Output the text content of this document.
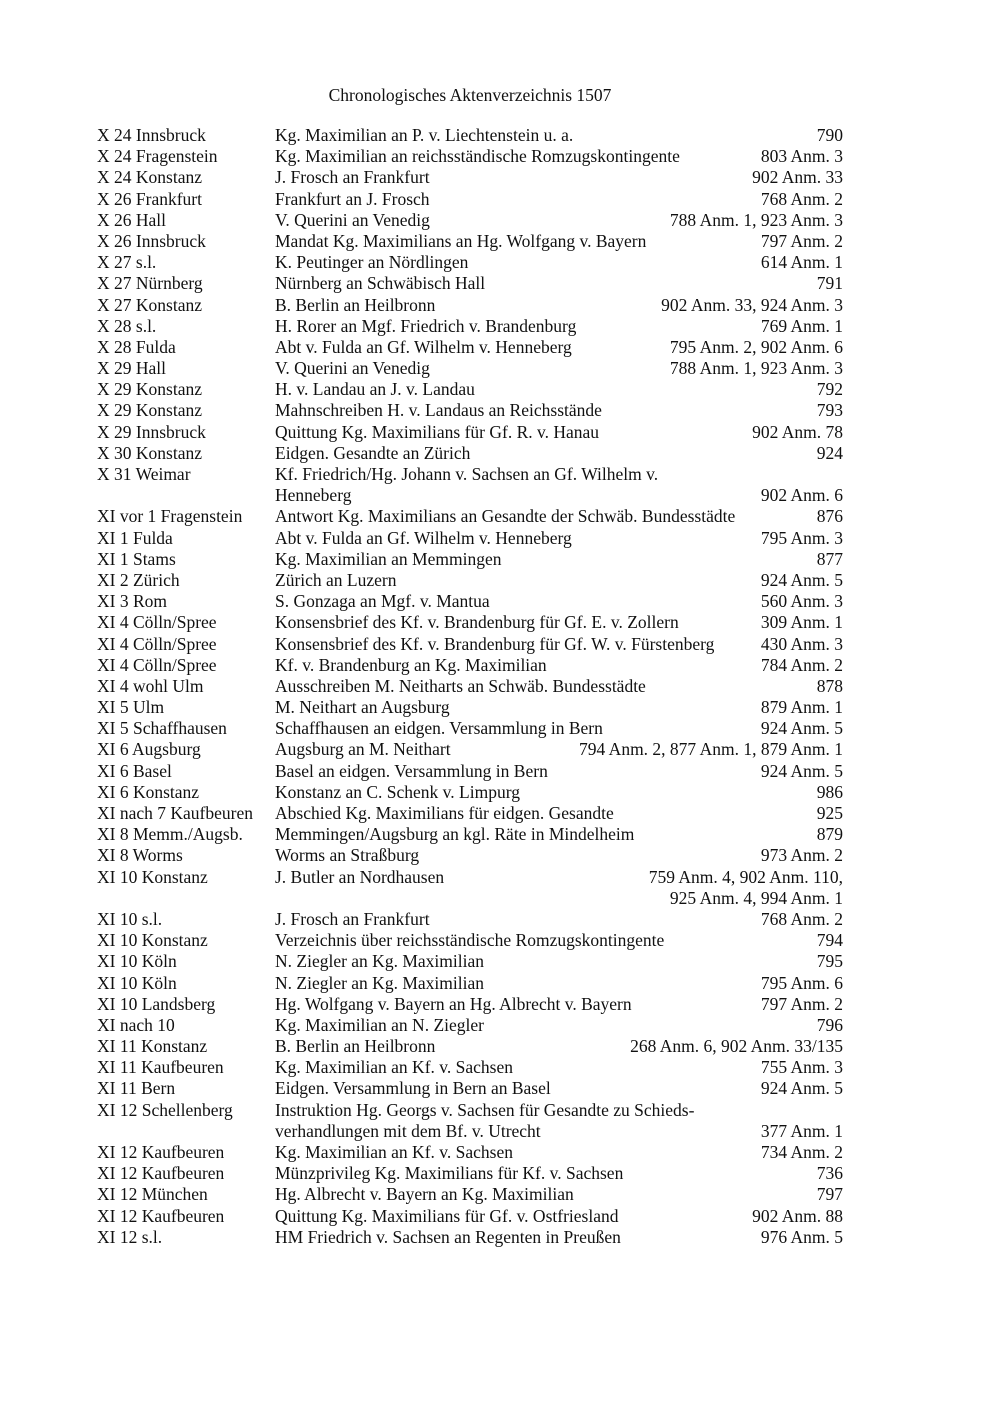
Chronologisches Aktenverzeichnis 1507
X 24 Innsbruck	Kg. Maximilian an P. v. Liechtenstein u. a.	790
X 24 Fragenstein	Kg. Maximilian an reichsständische Romzugskontingente	803 Anm. 3
X 24 Konstanz	J. Frosch an Frankfurt	902 Anm. 33
X 26 Frankfurt	Frankfurt an J. Frosch	768 Anm. 2
X 26 Hall	V. Querini an Venedig	788 Anm. 1, 923 Anm. 3
X 26 Innsbruck	Mandat Kg. Maximilians an Hg. Wolfgang v. Bayern	797 Anm. 2
X 27 s.l.	K. Peutinger an Nördlingen	614 Anm. 1
X 27 Nürnberg	Nürnberg an Schwäbisch Hall	791
X 27 Konstanz	B. Berlin an Heilbronn	902 Anm. 33, 924 Anm. 3
X 28 s.l.	H. Rorer an Mgf. Friedrich v. Brandenburg	769 Anm. 1
X 28 Fulda	Abt v. Fulda an Gf. Wilhelm v. Henneberg	795 Anm. 2, 902 Anm. 6
X 29 Hall	V. Querini an Venedig	788 Anm. 1, 923 Anm. 3
X 29 Konstanz	H. v. Landau an J. v. Landau	792
X 29 Konstanz	Mahnschreiben H. v. Landaus an Reichsstände	793
X 29 Innsbruck	Quittung Kg. Maximilians für Gf. R. v. Hanau	902 Anm. 78
X 30 Konstanz	Eidgen. Gesandte an Zürich	924
X 31 Weimar	Kf. Friedrich/Hg. Johann v. Sachsen an Gf. Wilhelm v.
Henneberg	902 Anm. 6
XI vor 1 Fragenstein	Antwort Kg. Maximilians an Gesandte der Schwäb. Bundesstädte	876
XI 1 Fulda	Abt v. Fulda an Gf. Wilhelm v. Henneberg	795 Anm. 3
XI 1 Stams	Kg. Maximilian an Memmingen	877
XI 2 Zürich	Zürich an Luzern	924 Anm. 5
XI 3 Rom	S. Gonzaga an Mgf. v. Mantua	560 Anm. 3
XI 4 Cölln/Spree	Konsensbrief des Kf. v. Brandenburg für Gf. E. v. Zollern	309 Anm. 1
XI 4 Cölln/Spree	Konsensbrief des Kf. v. Brandenburg für Gf. W. v. Fürstenberg	430 Anm. 3
XI 4 Cölln/Spree	Kf. v. Brandenburg an Kg. Maximilian	784 Anm. 2
XI 4 wohl Ulm	Ausschreiben M. Neitharts an Schwäb. Bundesstädte	878
XI 5 Ulm	M. Neithart an Augsburg	879 Anm. 1
XI 5 Schaffhausen	Schaffhausen an eidgen. Versammlung in Bern	924 Anm. 5
XI 6 Augsburg	Augsburg an M. Neithart	794 Anm. 2, 877 Anm. 1, 879 Anm. 1
XI 6 Basel	Basel an eidgen. Versammlung in Bern	924 Anm. 5
XI 6 Konstanz	Konstanz an C. Schenk v. Limpurg	986
XI nach 7 Kaufbeuren	Abschied Kg. Maximilians für eidgen. Gesandte	925
XI 8 Memm./Augsb.	Memmingen/Augsburg an kgl. Räte in Mindelheim	879
XI 8 Worms	Worms an Straßburg	973 Anm. 2
XI 10 Konstanz	J. Butler an Nordhausen	759 Anm. 4, 902 Anm. 110,
925 Anm. 4, 994 Anm. 1
XI 10 s.l.	J. Frosch an Frankfurt	768 Anm. 2
XI 10 Konstanz	Verzeichnis über reichsständische Romzugskontingente	794
XI 10 Köln	N. Ziegler an Kg. Maximilian	795
XI 10 Köln	N. Ziegler an Kg. Maximilian	795 Anm. 6
XI 10 Landsberg	Hg. Wolfgang v. Bayern an Hg. Albrecht v. Bayern	797 Anm. 2
XI nach 10	Kg. Maximilian an N. Ziegler	796
XI 11 Konstanz	B. Berlin an Heilbronn	268 Anm. 6, 902 Anm. 33/135
XI 11 Kaufbeuren	Kg. Maximilian an Kf. v. Sachsen	755 Anm. 3
XI 11 Bern	Eidgen. Versammlung in Bern an Basel	924 Anm. 5
XI 12 Schellenberg	Instruktion Hg. Georgs v. Sachsen für Gesandte zu Schieds-
verhandlungen mit dem Bf. v. Utrecht	377 Anm. 1
XI 12 Kaufbeuren	Kg. Maximilian an Kf. v. Sachsen	734 Anm. 2
XI 12 Kaufbeuren	Münzprivileg Kg. Maximilians für Kf. v. Sachsen	736
XI 12 München	Hg. Albrecht v. Bayern an Kg. Maximilian	797
XI 12 Kaufbeuren	Quittung Kg. Maximilians für Gf. v. Ostfriesland	902 Anm. 88
XI 12 s.l.	HM Friedrich v. Sachsen an Regenten in Preußen	976 Anm. 5
